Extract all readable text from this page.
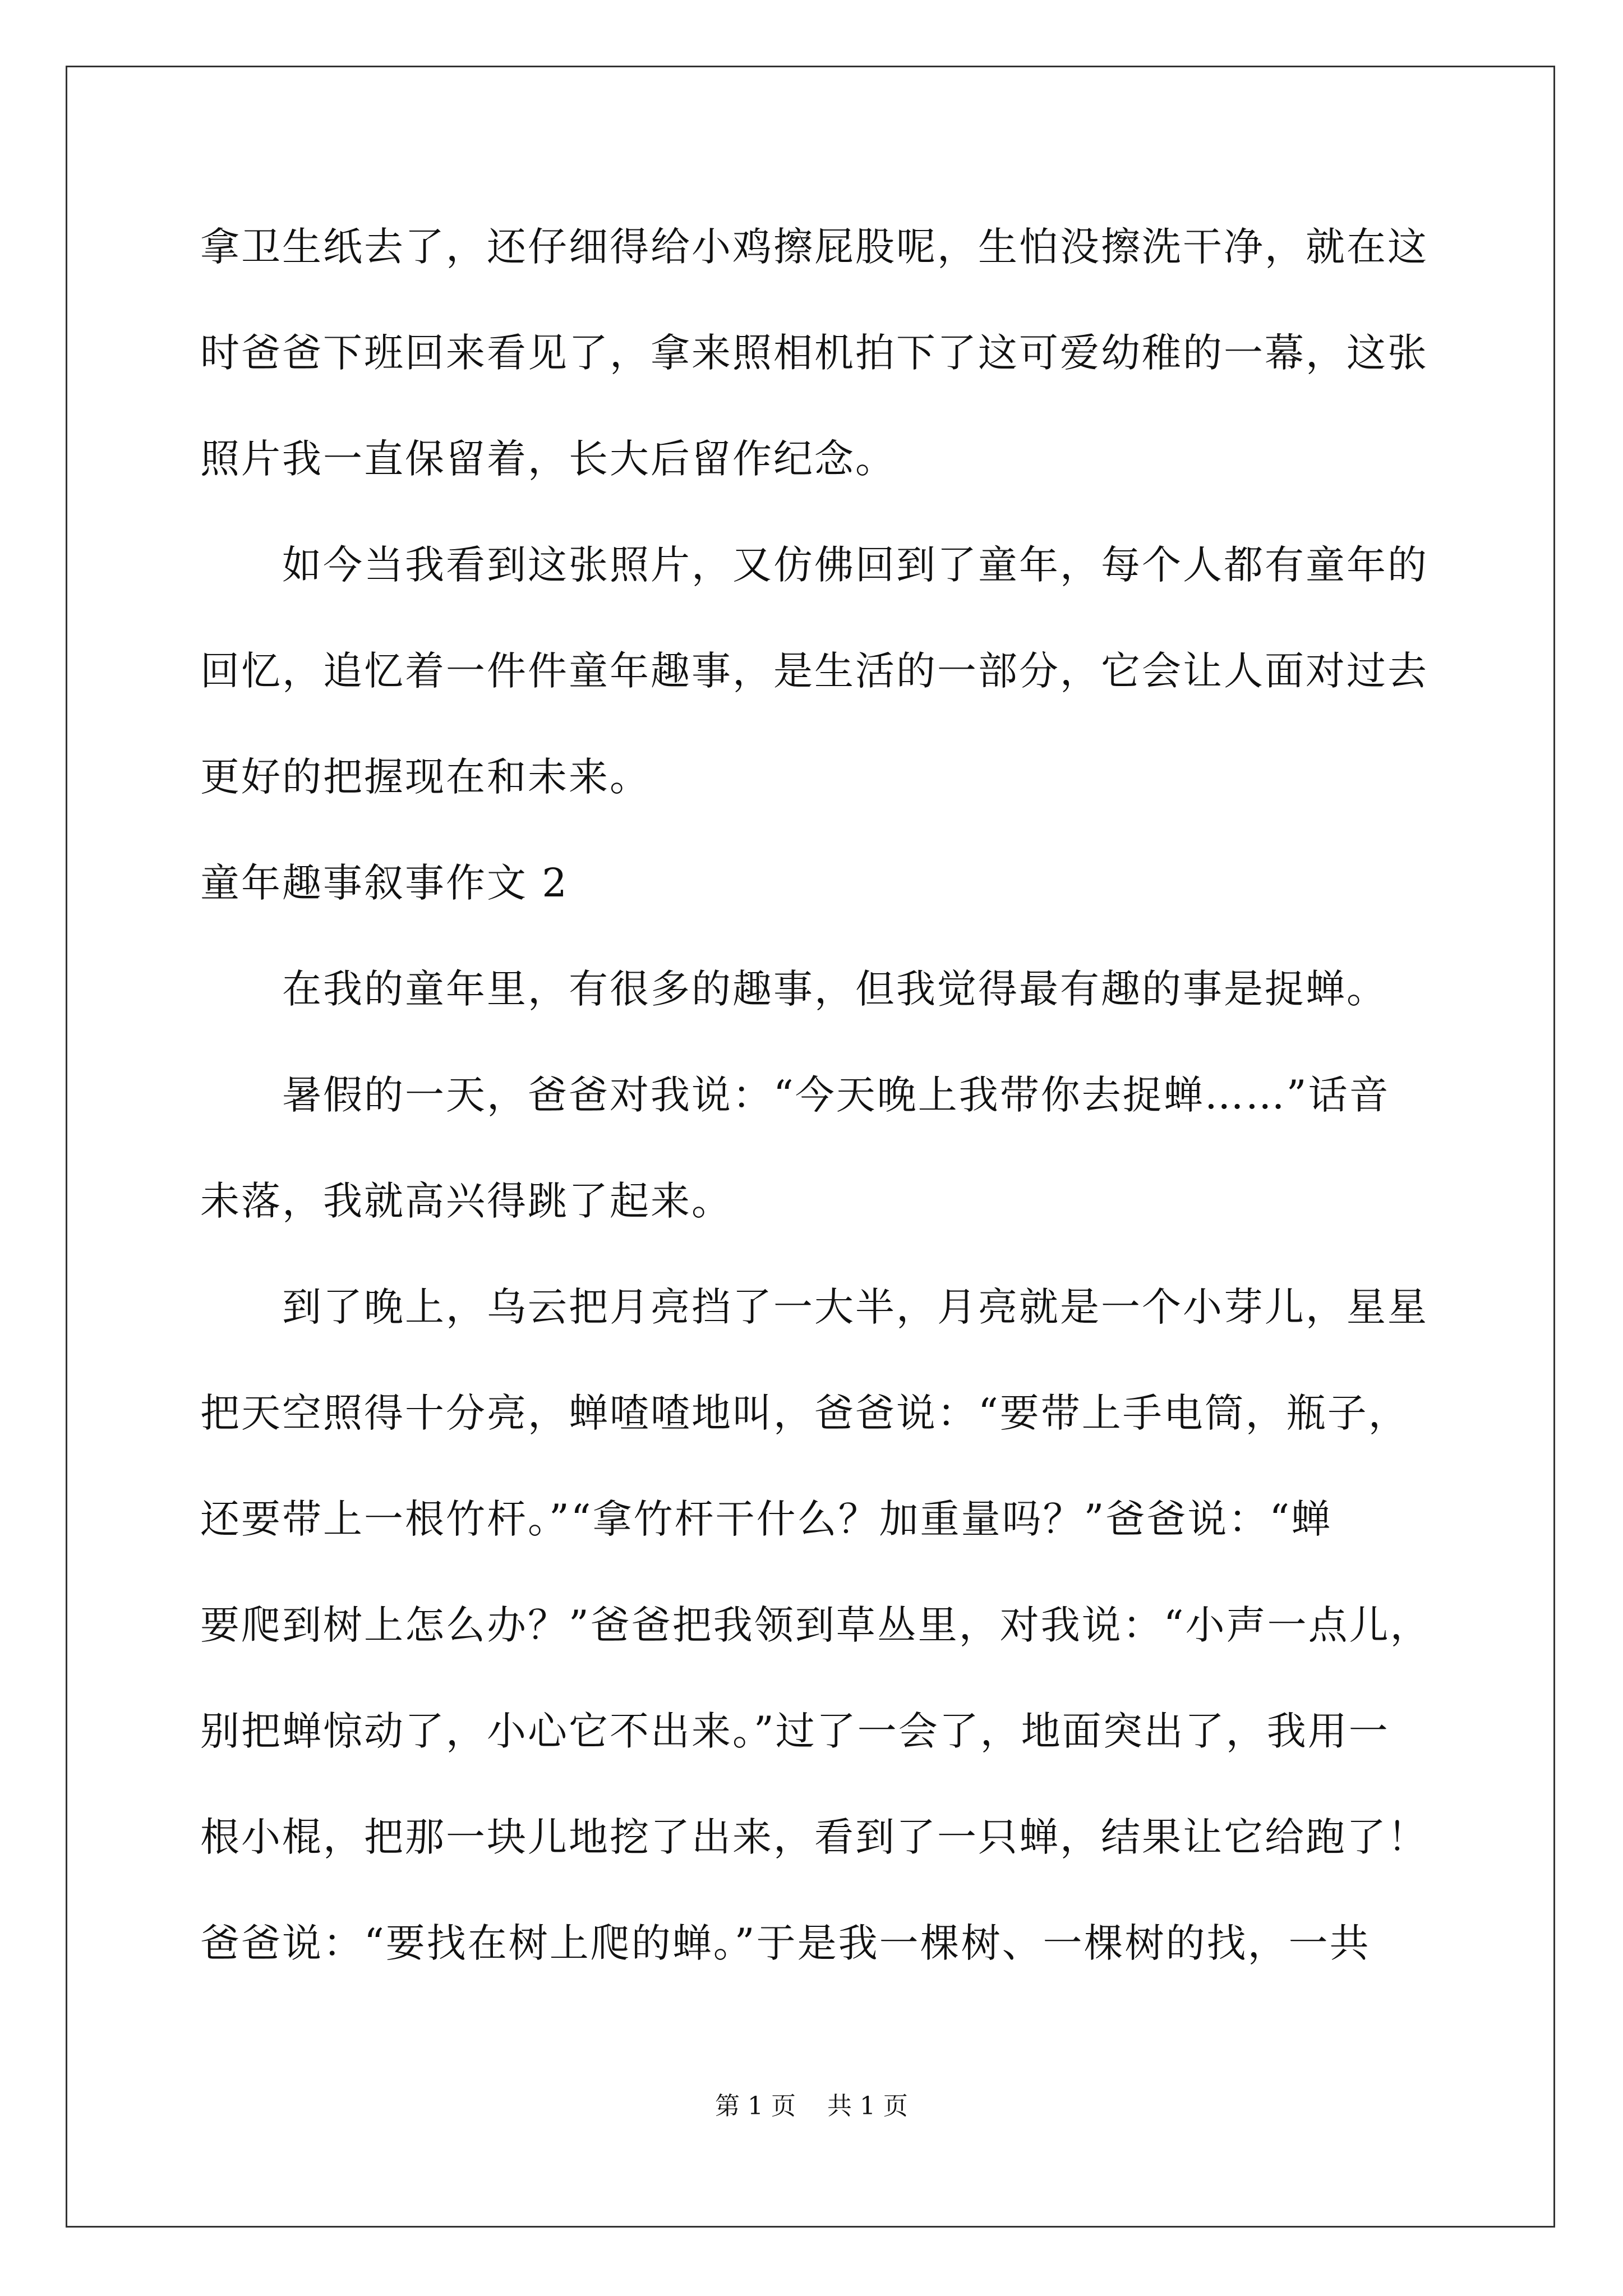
拿卫生纸去了，还仔细得给小鸡擦屁股呢，生怕没擦洗干净，就在这
时爸爸下班回来看见了，拿来照相机拍下了这可爱幼稚的一幕，这张
照片我一直保留着，长大后留作纪念。
　　如今当我看到这张照片，又仿佛回到了童年，每个人都有童年的
回忆，追忆着一件件童年趣事，是生活的一部分，它会让人面对过去
更好的把握现在和未来。
童年趣事叙事作文 2
　　在我的童年里，有很多的趣事，但我觉得最有趣的事是捉蝉。
　　暑假的一天，爸爸对我说：“今天晚上我带你去捉蝉……”话音
未落，我就高兴得跳了起来。
　　到了晚上，乌云把月亮挡了一大半，月亮就是一个小芽儿，星星
把天空照得十分亮，蝉喳喳地叫，爸爸说：“要带上手电筒，瓶子，
还要带上一根竹杆。”“拿竹杆干什么？加重量吗？”爸爸说：“蝉
要爬到树上怎么办？”爸爸把我领到草丛里，对我说：“小声一点儿，
别把蝉惊动了，小心它不出来。”过了一会了，地面突出了，我用一
根小棍，把那一块儿地挖了出来，看到了一只蝉，结果让它给跑了！
爸爸说：“要找在树上爬的蝉。”于是我一棵树、一棵树的找，一共
第 1 页    共 1 页
